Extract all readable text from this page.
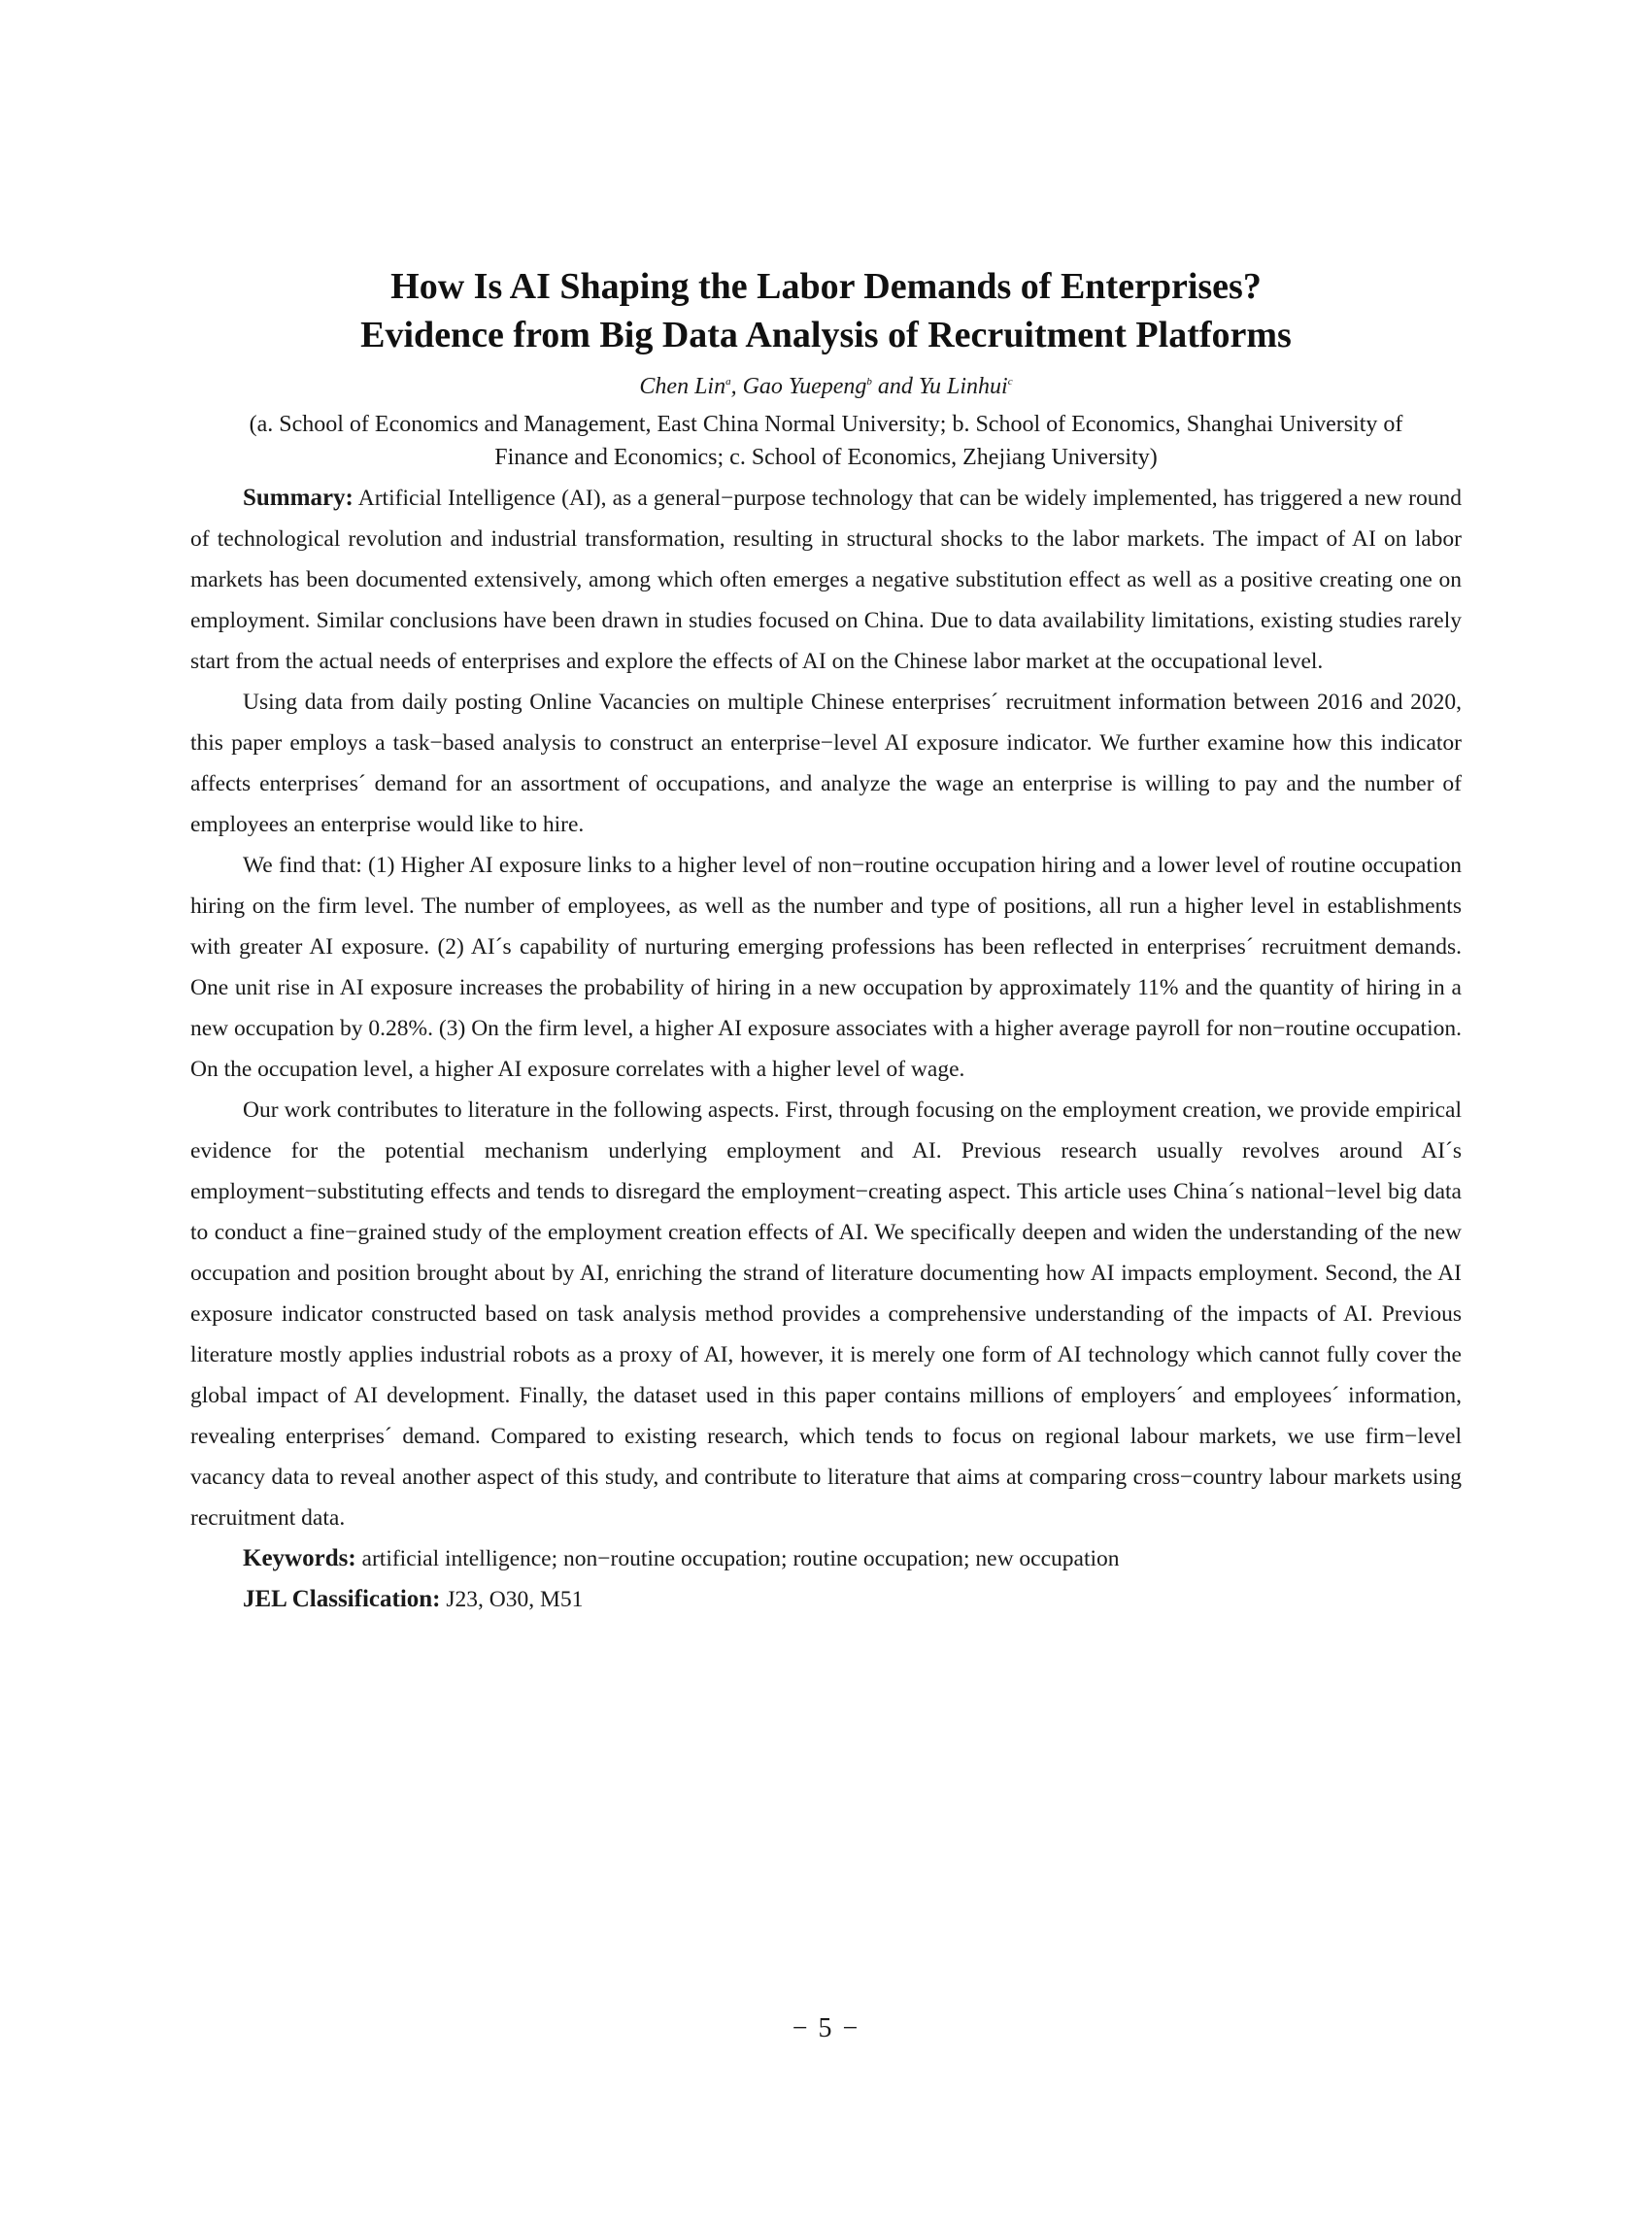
How Is AI Shaping the Labor Demands of Enterprises?
Evidence from Big Data Analysis of Recruitment Platforms
Chen Lin$^a$, Gao Yuepeng$^b$ and Yu Linhui$^c$
(a. School of Economics and Management, East China Normal University; b. School of Economics, Shanghai University of Finance and Economics; c. School of Economics, Zhejiang University)

Summary: Artificial Intelligence (AI), as a general−purpose technology that can be widely implemented, has triggered a new round of technological revolution and industrial transformation, resulting in structural shocks to the labor markets. The impact of AI on labor markets has been documented extensively, among which often emerges a negative substitution effect as well as a positive creating one on employment. Similar conclusions have been drawn in studies focused on China. Due to data availability limitations, existing studies rarely start from the actual needs of enterprises and explore the effects of AI on the Chinese labor market at the occupational level.

Using data from daily posting Online Vacancies on multiple Chinese enterprises´ recruitment information between 2016 and 2020, this paper employs a task−based analysis to construct an enterprise−level AI exposure indicator. We further examine how this indicator affects enterprises´ demand for an assortment of occupations, and analyze the wage an enterprise is willing to pay and the number of employees an enterprise would like to hire.

We find that: (1) Higher AI exposure links to a higher level of non−routine occupation hiring and a lower level of routine occupation hiring on the firm level. The number of employees, as well as the number and type of positions, all run a higher level in establishments with greater AI exposure. (2) AI´s capability of nurturing emerging professions has been reflected in enterprises´ recruitment demands. One unit rise in AI exposure increases the probability of hiring in a new occupation by approximately 11% and the quantity of hiring in a new occupation by 0.28%. (3) On the firm level, a higher AI exposure associates with a higher average payroll for non−routine occupation. On the occupation level, a higher AI exposure correlates with a higher level of wage.

Our work contributes to literature in the following aspects. First, through focusing on the employment creation, we provide empirical evidence for the potential mechanism underlying employment and AI. Previous research usually revolves around AI´s employment−substituting effects and tends to disregard the employment−creating aspect. This article uses China´s national−level big data to conduct a fine−grained study of the employment creation effects of AI. We specifically deepen and widen the understanding of the new occupation and position brought about by AI, enriching the strand of literature documenting how AI impacts employment. Second, the AI exposure indicator constructed based on task analysis method provides a comprehensive understanding of the impacts of AI. Previous literature mostly applies industrial robots as a proxy of AI, however, it is merely one form of AI technology which cannot fully cover the global impact of AI development. Finally, the dataset used in this paper contains millions of employers´ and employees´ information, revealing enterprises´ demand. Compared to existing research, which tends to focus on regional labour markets, we use firm−level vacancy data to reveal another aspect of this study, and contribute to literature that aims at comparing cross−country labour markets using recruitment data.

Keywords: artificial intelligence; non−routine occupation; routine occupation; new occupation

JEL Classification: J23, O30, M51

− 5 −
